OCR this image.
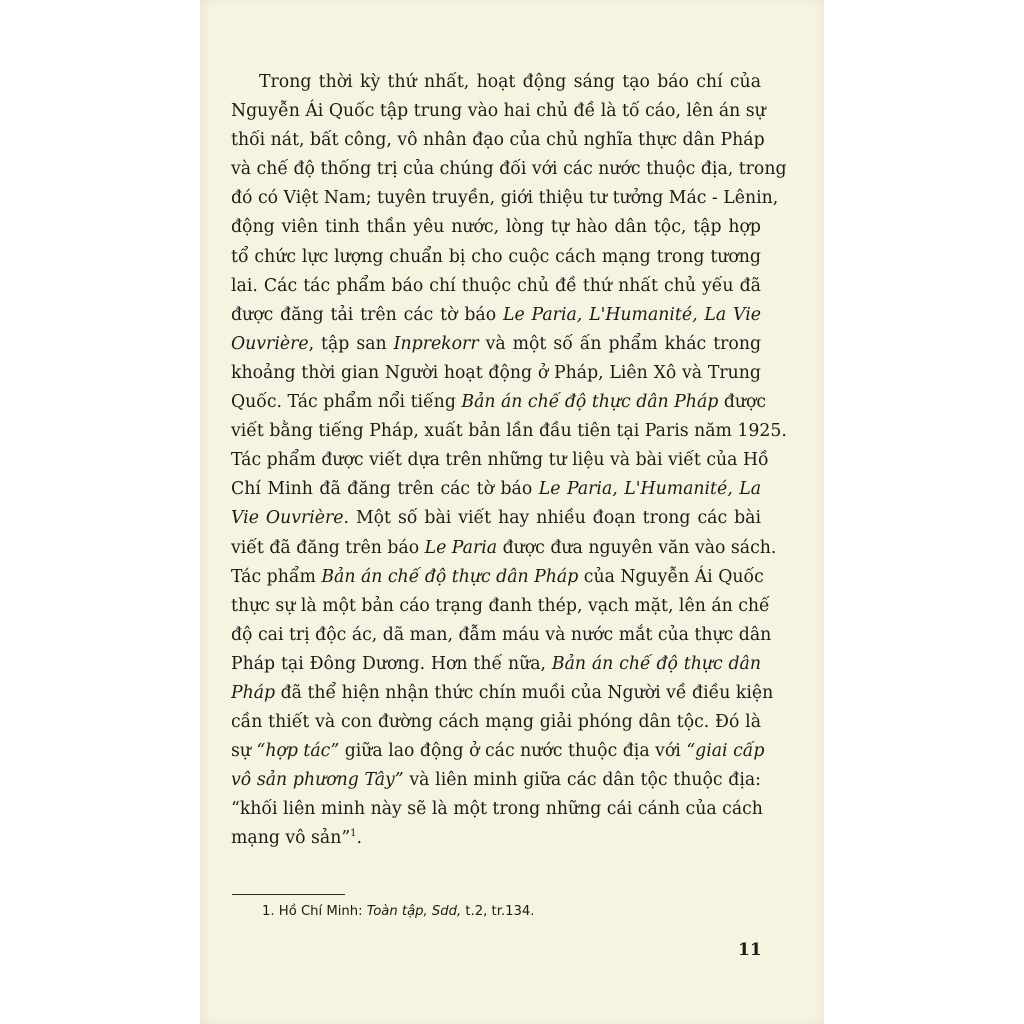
Trong thời kỳ thứ nhất, hoạt động sáng tạo báo chí của
Nguyễn Ái Quốc tập trung vào hai chủ đề là tố cáo, lên án sự
thối nát, bất công, vô nhân đạo của chủ nghĩa thực dân Pháp
và chế độ thống trị của chúng đối với các nước thuộc địa, trong
đó có Việt Nam; tuyên truyền, giới thiệu tư tưởng Mác - Lênin,
động viên tinh thần yêu nước, lòng tự hào dân tộc, tập hợp
tổ chức lực lượng chuẩn bị cho cuộc cách mạng trong tương
lai. Các tác phẩm báo chí thuộc chủ đề thứ nhất chủ yếu đã
được đăng tải trên các tờ báo Le Paria, L'Humanité, La Vie
Ouvrière, tập san Inprekorr và một số ấn phẩm khác trong
khoảng thời gian Người hoạt động ở Pháp, Liên Xô và Trung
Quốc. Tác phẩm nổi tiếng Bản án chế độ thực dân Pháp được
viết bằng tiếng Pháp, xuất bản lần đầu tiên tại Paris năm 1925.
Tác phẩm được viết dựa trên những tư liệu và bài viết của Hồ
Chí Minh đã đăng trên các tờ báo Le Paria, L'Humanité, La
Vie Ouvrière. Một số bài viết hay nhiều đoạn trong các bài
viết đã đăng trên báo Le Paria được đưa nguyên văn vào sách.
Tác phẩm Bản án chế độ thực dân Pháp của Nguyễn Ái Quốc
thực sự là một bản cáo trạng đanh thép, vạch mặt, lên án chế
độ cai trị độc ác, dã man, đẫm máu và nước mắt của thực dân
Pháp tại Đông Dương. Hơn thế nữa, Bản án chế độ thực dân
Pháp đã thể hiện nhận thức chín muồi của Người về điều kiện
cần thiết và con đường cách mạng giải phóng dân tộc. Đó là
sự “hợp tác” giữa lao động ở các nước thuộc địa với “giai cấp
vô sản phương Tây” và liên minh giữa các dân tộc thuộc địa:
“khối liên minh này sẽ là một trong những cái cánh của cách
mạng vô sản”$^1$.
1. Hồ Chí Minh: Toàn tập, Sdd, t.2, tr.134.
11
